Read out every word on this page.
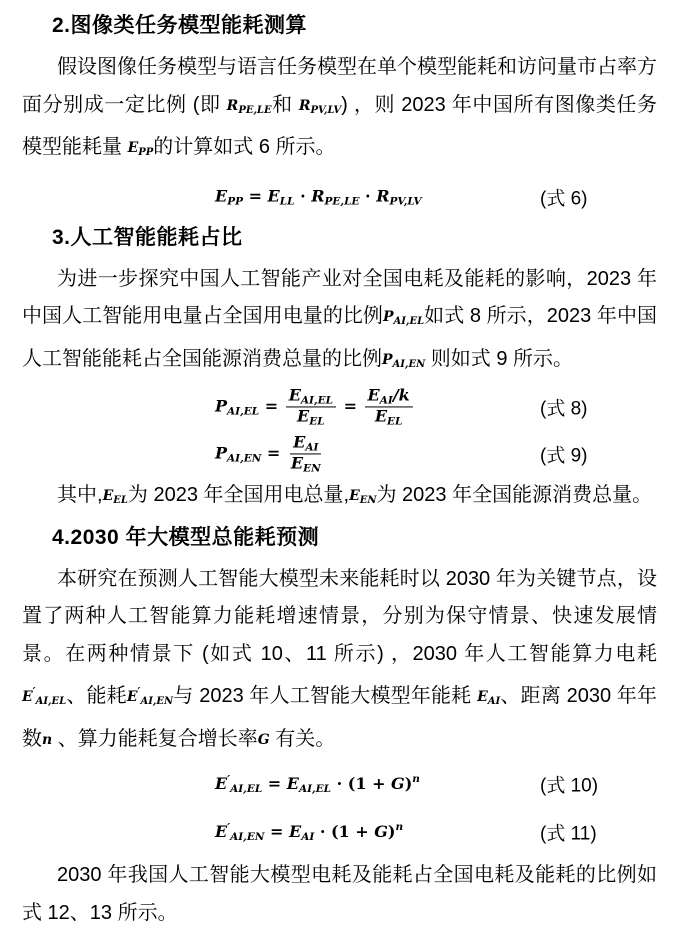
2.图像类任务模型能耗测算

假设图像任务模型与语言任务模型在单个模型能耗和访问量市占率方面分别成一定比例 (即 $R_{PE,LE}$和 $R_{PV,LV}$) ，则 2023 年中国所有图像类任务模型能耗量 $E_{PP}$的计算如式 6 所示。

$E_{PP} = E_{LL} \cdot R_{PE,LE} \cdot R_{PV,LV}$	(式 6)
3.人工智能能耗占比

为进一步探究中国人工智能产业对全国电耗及能耗的影响，2023 年中国人工智能用电量占全国用电量的比例$P_{AI,EL}$如式 8 所示，2023 年中国人工智能能耗占全国能源消费总量的比例$P_{AI,EN}$ 则如式 9 所示。

$P_{AI,EL} = \frac{E_{AI,EL}}{E_{EL}} = \frac{E_{AI}/k}{E_{EL}}$	(式 8)
$P_{AI,EN} = \frac{E_{AI}}{E_{EN}}$	(式 9)

其中$,E_{EL}$为 2023 年全国用电总量$,E_{EN}$为 2023 年全国能源消费总量。

4.2030 年大模型总能耗预测

本研究在预测人工智能大模型未来能耗时以 2030 年为关键节点，设置了两种人工智能算力能耗增速情景，分别为保守情景、快速发展情景。在两种情景下 (如式 10、11 所示) ，2030 年人工智能算力电耗$E'_{AI,EL}$、能耗$E'_{AI,EN}$与 2023 年人工智能大模型年能耗 $E_{AI}$、距离 2030 年年数n 、算力能耗复合增长率G 有关。

$E'_{AI,EL} = E_{AI,EL} \cdot (1 + G)^n$	(式 10)
$E'_{AI,EN} = E_{AI} \cdot (1 + G)^n$	(式 11)

2030 年我国人工智能大模型电耗及能耗占全国电耗及能耗的比例如式 12、13 所示。
